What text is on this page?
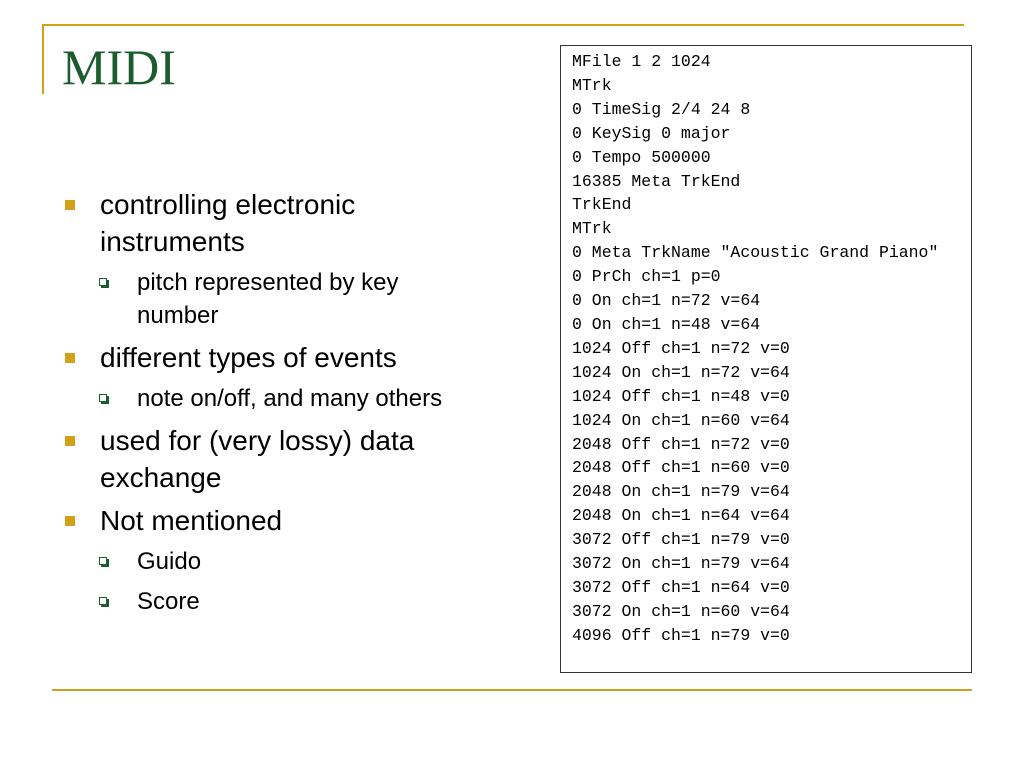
MIDI
controlling electronic instruments
pitch represented by key number
different types of events
note on/off, and many others
used for (very lossy) data exchange
Not mentioned
Guido
Score
MFile 1 2 1024
MTrk
0 TimeSig 2/4 24 8
0 KeySig 0 major
0 Tempo 500000
16385 Meta TrkEnd
TrkEnd
MTrk
0 Meta TrkName "Acoustic Grand Piano"
0 PrCh ch=1 p=0
0 On ch=1 n=72 v=64
0 On ch=1 n=48 v=64
1024 Off ch=1 n=72 v=0
1024 On ch=1 n=72 v=64
1024 Off ch=1 n=48 v=0
1024 On ch=1 n=60 v=64
2048 Off ch=1 n=72 v=0
2048 Off ch=1 n=60 v=0
2048 On ch=1 n=79 v=64
2048 On ch=1 n=64 v=64
3072 Off ch=1 n=79 v=0
3072 On ch=1 n=79 v=64
3072 Off ch=1 n=64 v=0
3072 On ch=1 n=60 v=64
4096 Off ch=1 n=79 v=0
